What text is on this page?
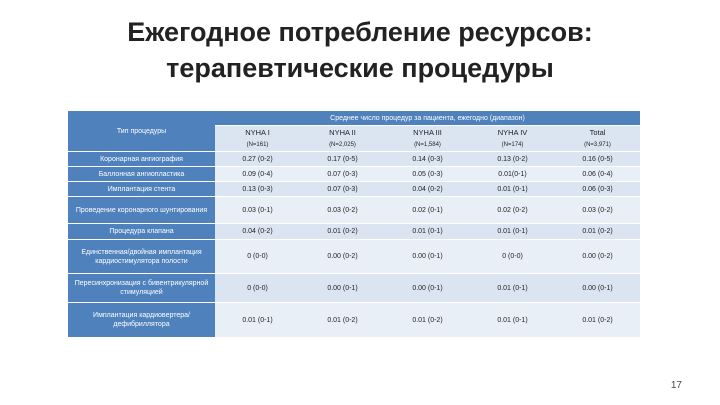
Ежегодное потребление ресурсов:
терапевтические процедуры
Тип процедуры	Среднее число процедур за пациента, ежегодно (диапазон)				
	NYHA I	NYHA II	NYHA III	NYHA IV	Total
	(N=161)	(N=2,025)	(N=1,584)	(N=174)	(N=3,971)
Коронарная ангиография	0.27 (0-2)	0.17 (0-5)	0.14 (0-3)	0.13 (0-2)	0.16 (0-5)
Баллонная ангиопластика	0.09 (0-4)	0.07 (0-3)	0.05 (0-3)	0.01(0-1)	0.06 (0-4)
Имплантация стента	0.13 (0-3)	0.07 (0-3)	0.04 (0-2)	0.01 (0-1)	0.06 (0-3)
Проведение коронарного шунтирования	0.03 (0-1)	0.03 (0-2)	0.02 (0-1)	0.02 (0-2)	0.03 (0-2)
Процедура клапана	0.04 (0-2)	0.01 (0-2)	0.01 (0-1)	0.01 (0-1)	0.01 (0-2)
Единственная/двойная имплантация кардиостимулятора полости	0 (0-0)	0.00 (0-2)	0.00 (0-1)	0 (0-0)	0.00 (0-2)
Пересинхронизация с бивентрикулярной стимуляцией	0 (0-0)	0.00 (0-1)	0.00 (0-1)	0.01 (0-1)	0.00 (0-1)
Имплантация кардиовертера/дефибриллятора	0.01 (0-1)	0.01 (0-2)	0.01 (0-2)	0.01 (0-1)	0.01 (0-2)
17
